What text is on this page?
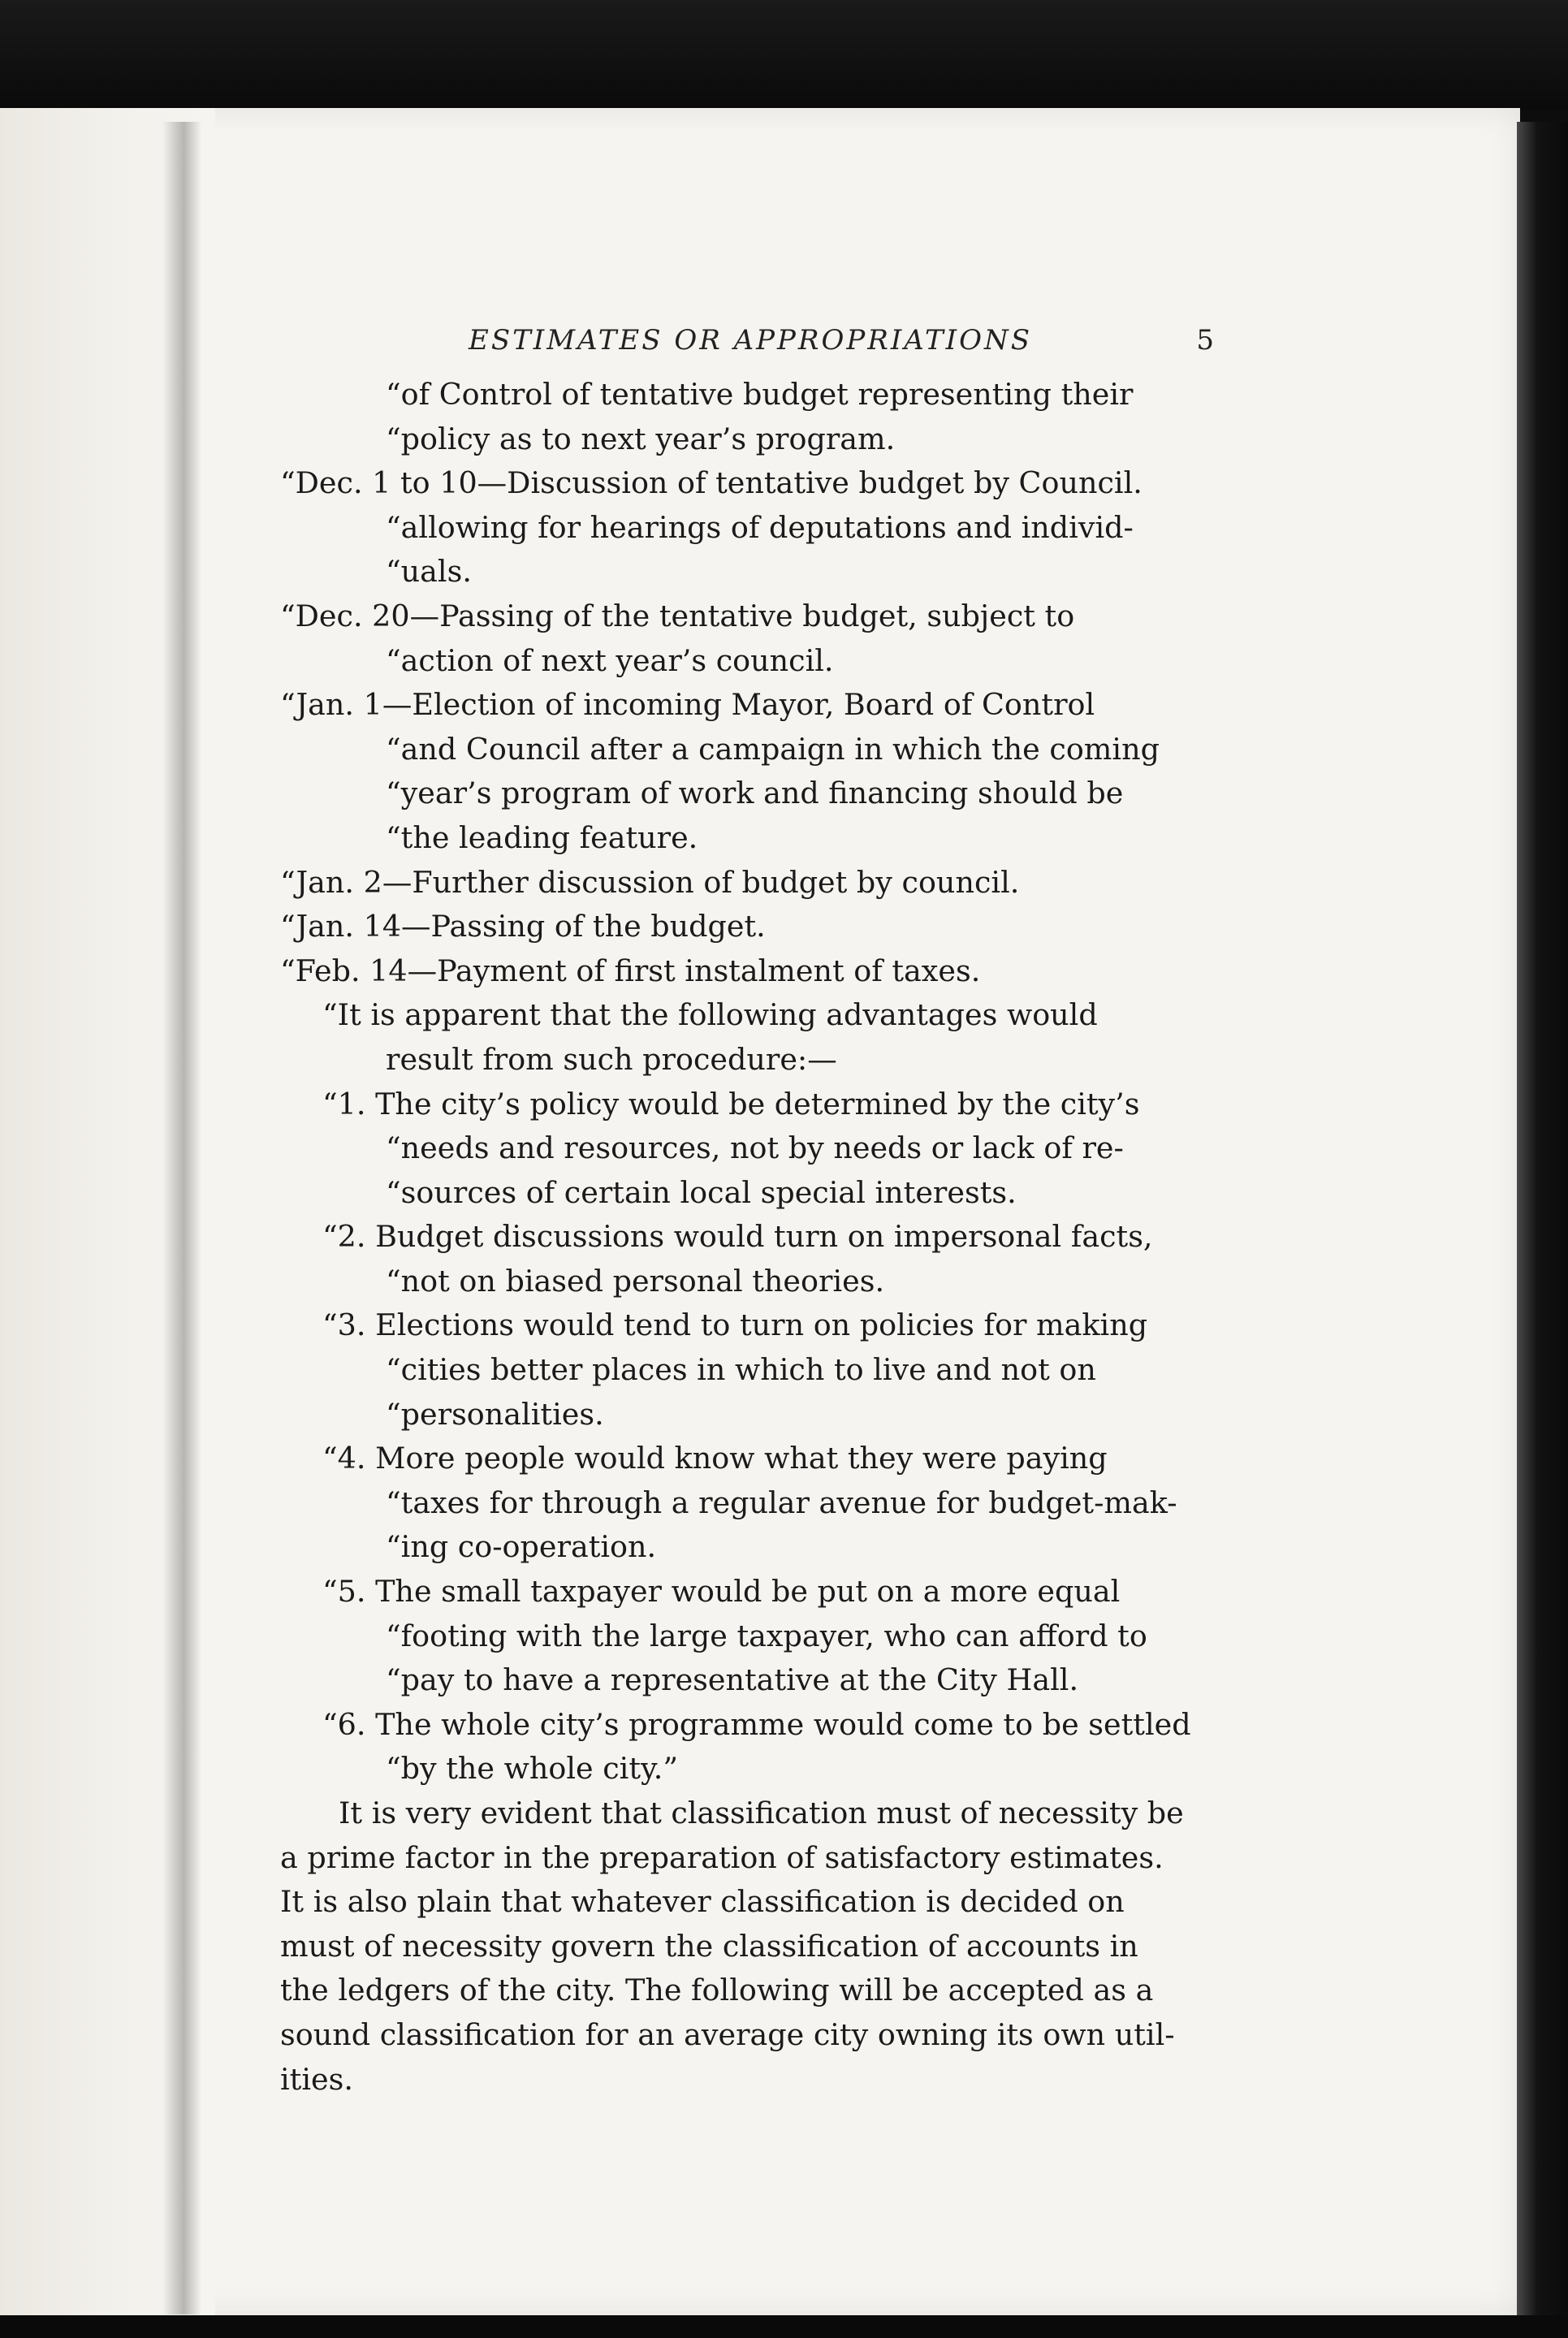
ESTIMATES OR APPROPRIATIONS	5
“of Control of tentative budget representing their
“policy as to next year’s program.
“Dec. 1 to 10—Discussion of tentative budget by Council.
“allowing for hearings of deputations and individ-
“uals.
“Dec. 20—Passing of the tentative budget, subject to
“action of next year’s council.
“Jan. 1—Election of incoming Mayor, Board of Control
“and Council after a campaign in which the coming
“year’s program of work and financing should be
“the leading feature.
“Jan. 2—Further discussion of budget by council.
“Jan. 14—Passing of the budget.
“Feb. 14—Payment of first instalment of taxes.
“It is apparent that the following advantages would
result from such procedure:—
“1. The city’s policy would be determined by the city’s
“needs and resources, not by needs or lack of re-
“sources of certain local special interests.
“2. Budget discussions would turn on impersonal facts,
“not on biased personal theories.
“3. Elections would tend to turn on policies for making
“cities better places in which to live and not on
“personalities.
“4. More people would know what they were paying
“taxes for through a regular avenue for budget-mak-
“ing co-operation.
“5. The small taxpayer would be put on a more equal
“footing with the large taxpayer, who can afford to
“pay to have a representative at the City Hall.
“6. The whole city’s programme would come to be settled
“by the whole city.”
It is very evident that classification must of necessity be
a prime factor in the preparation of satisfactory estimates.
It is also plain that whatever classification is decided on
must of necessity govern the classification of accounts in
the ledgers of the city. The following will be accepted as a
sound classification for an average city owning its own util-
ities.
